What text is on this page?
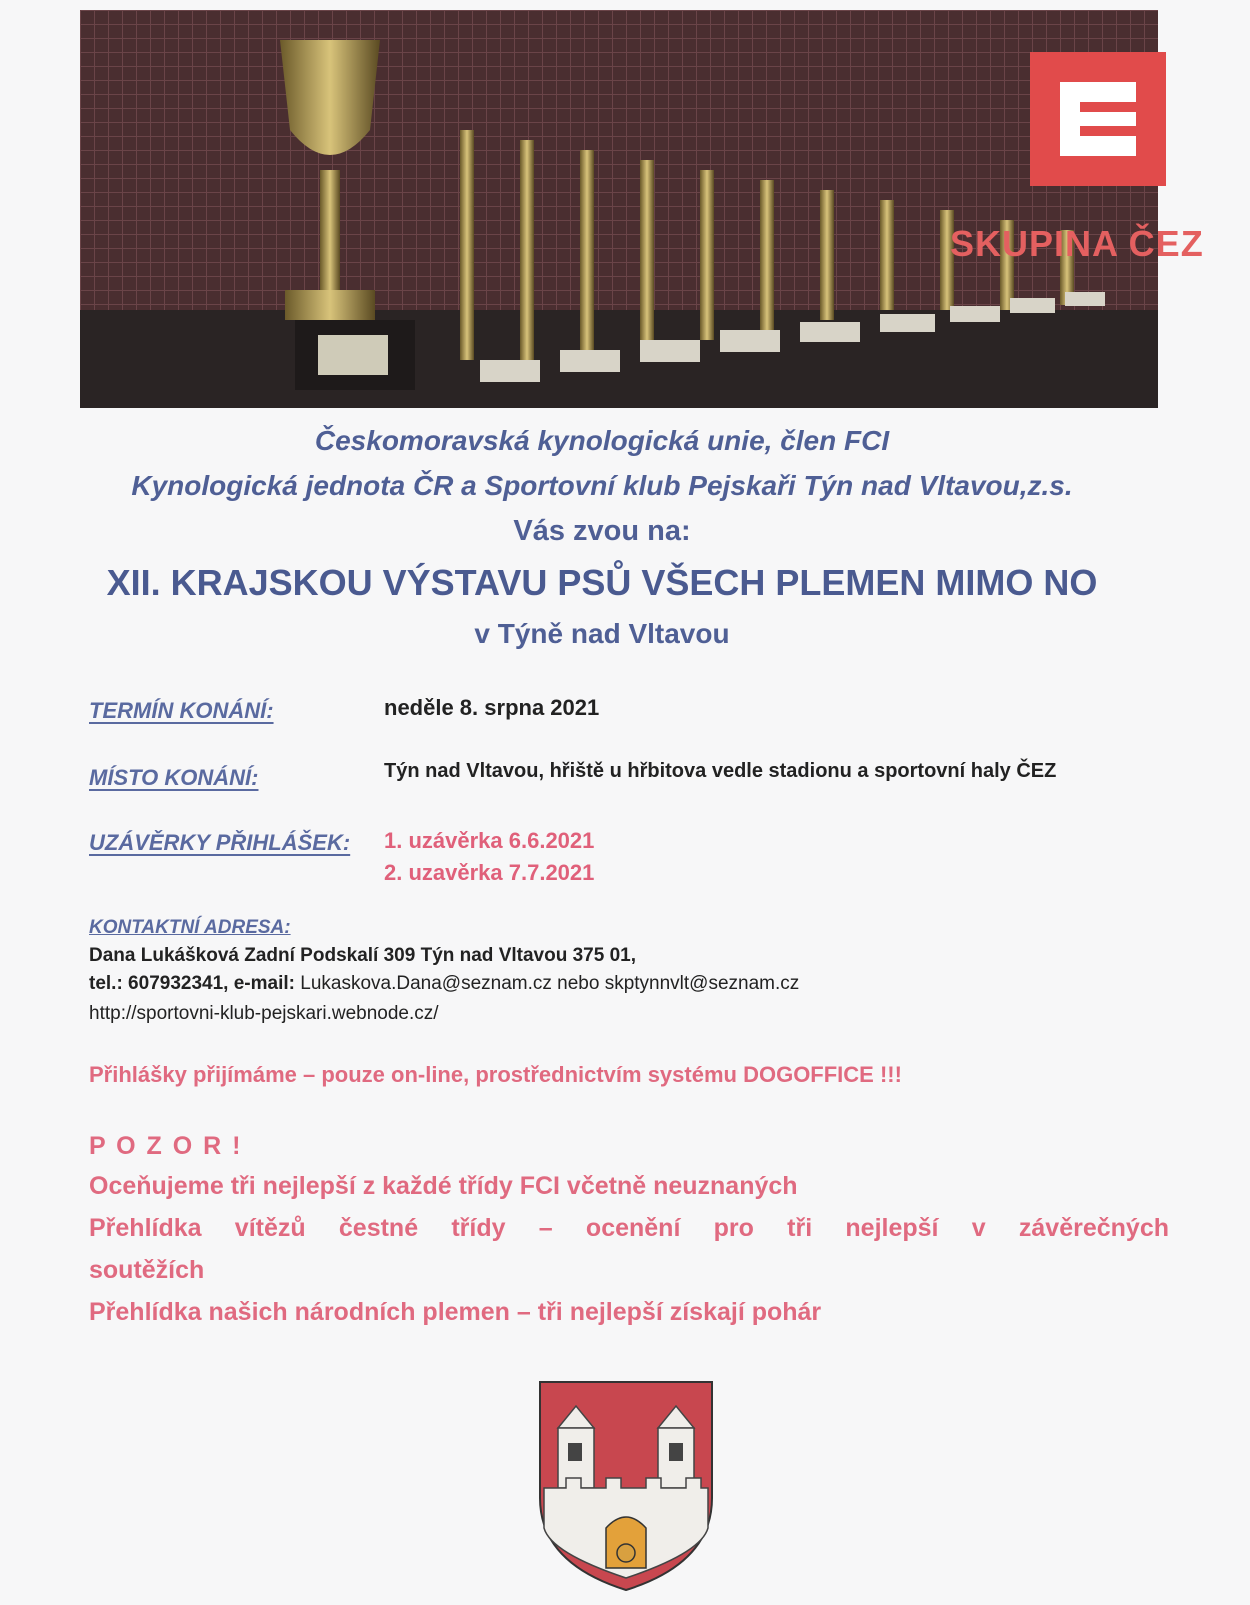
SKUPINA ČEZ
Českomoravská kynologická unie, člen FCI
Kynologická jednota ČR a Sportovní klub Pejskaři Týn nad Vltavou,z.s.
Vás zvou na:
XII. KRAJSKOU VÝSTAVU PSŮ VŠECH PLEMEN MIMO NO
v Týně nad Vltavou
TERMÍN KONÁNÍ:	neděle 8. srpna 2021
MÍSTO KONÁNÍ:	Týn nad Vltavou, hřiště u hřbitova vedle stadionu a sportovní haly ČEZ
UZÁVĚRKY PŘIHLÁŠEK: 1. uzávěrka 6.6.2021
2. uzavěrka 7.7.2021
KONTAKTNÍ ADRESA:
Dana Lukášková Zadní Podskalí 309 Týn nad Vltavou 375 01,
tel.: 607932341, e-mail: Lukaskova.Dana@seznam.cz nebo skptynnvlt@seznam.cz
http://sportovni-klub-pejskari.webnode.cz/
Přihlášky přijímáme – pouze on-line, prostřednictvím systému DOGOFFICE !!!
P O Z O R !
Oceňujeme tři nejlepší z každé třídy FCI včetně neuznaných
Přehlídka vítězů čestné třídy – ocenění pro tři nejlepší v závěrečných
soutěžích
Přehlídka našich národních plemen – tři nejlepší získají pohár
